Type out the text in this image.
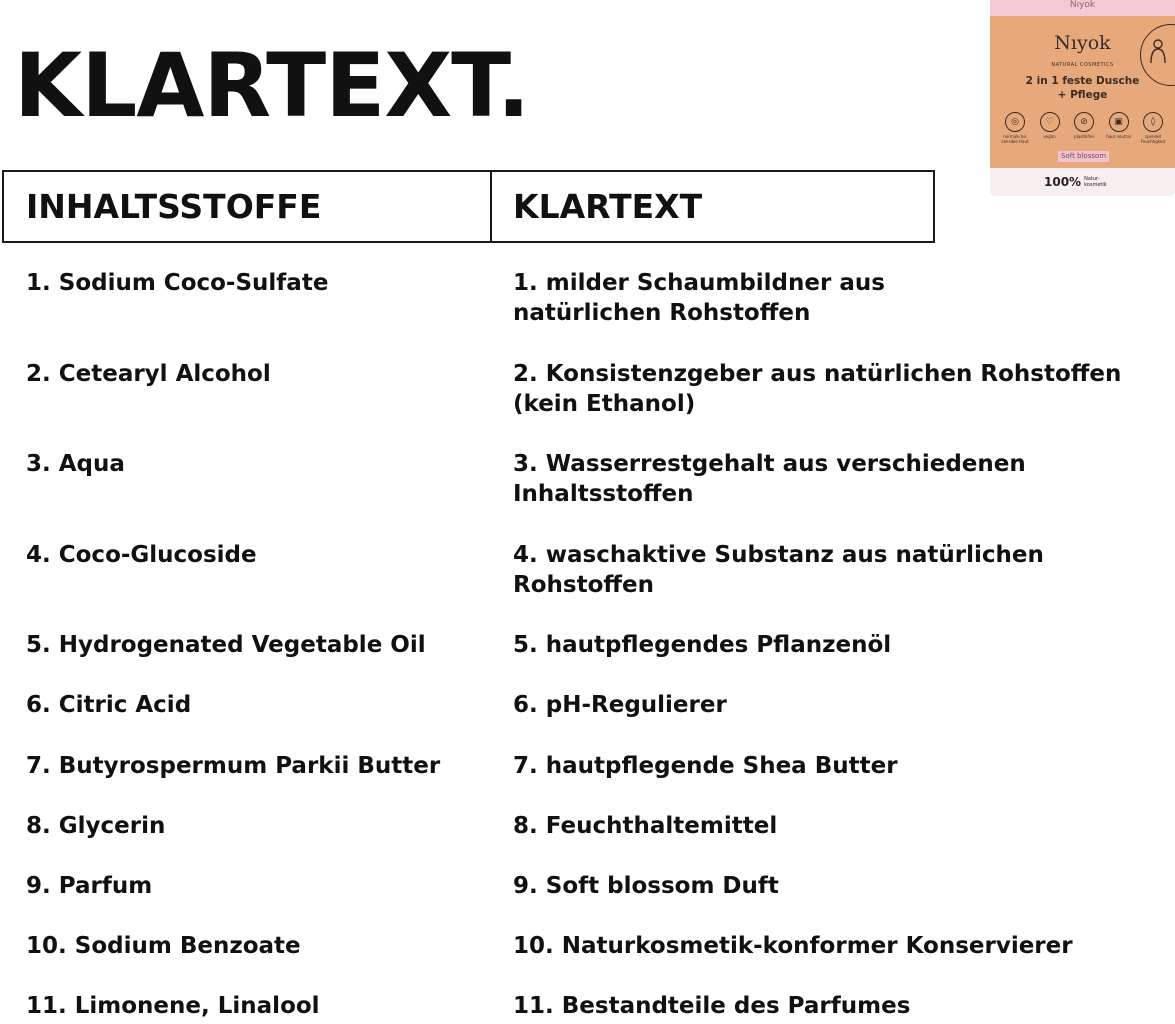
KLARTEXT.
INHALTSSTOFFE	KLARTEXT
1. Sodium Coco-Sulfate	1. milder Schaumbildner aus
natürlichen Rohstoffen
2. Cetearyl Alcohol	2. Konsistenzgeber aus natürlichen Rohstoffen
(kein Ethanol)
3. Aqua	3. Wasserrestgehalt aus verschiedenen
Inhaltsstoffen
4. Coco-Glucoside	4. waschaktive Substanz aus natürlichen
Rohstoffen
5. Hydrogenated Vegetable Oil	5. hautpflegendes Pflanzenöl
6. Citric Acid	6. pH-Regulierer
7. Butyrospermum Parkii Butter	7. hautpflegende Shea Butter
8. Glycerin	8. Feuchthaltemittel
9. Parfum	9. Soft blossom Duft
10. Sodium Benzoate	10. Naturkosmetik-konformer Konservierer
11. Limonene, Linalool	11. Bestandteile des Parfumes
Nıyok
Nıyok
NATURAL COSMETICS
2 in 1 feste Dusche
+ Pflege
◎
normale bis sensible Haut
♡
vegan
⊘
plastikfrei
▣
haut neutral
◊
spendet Feuchtigkeit
Soft blossom
100% Natur-kosmetik
